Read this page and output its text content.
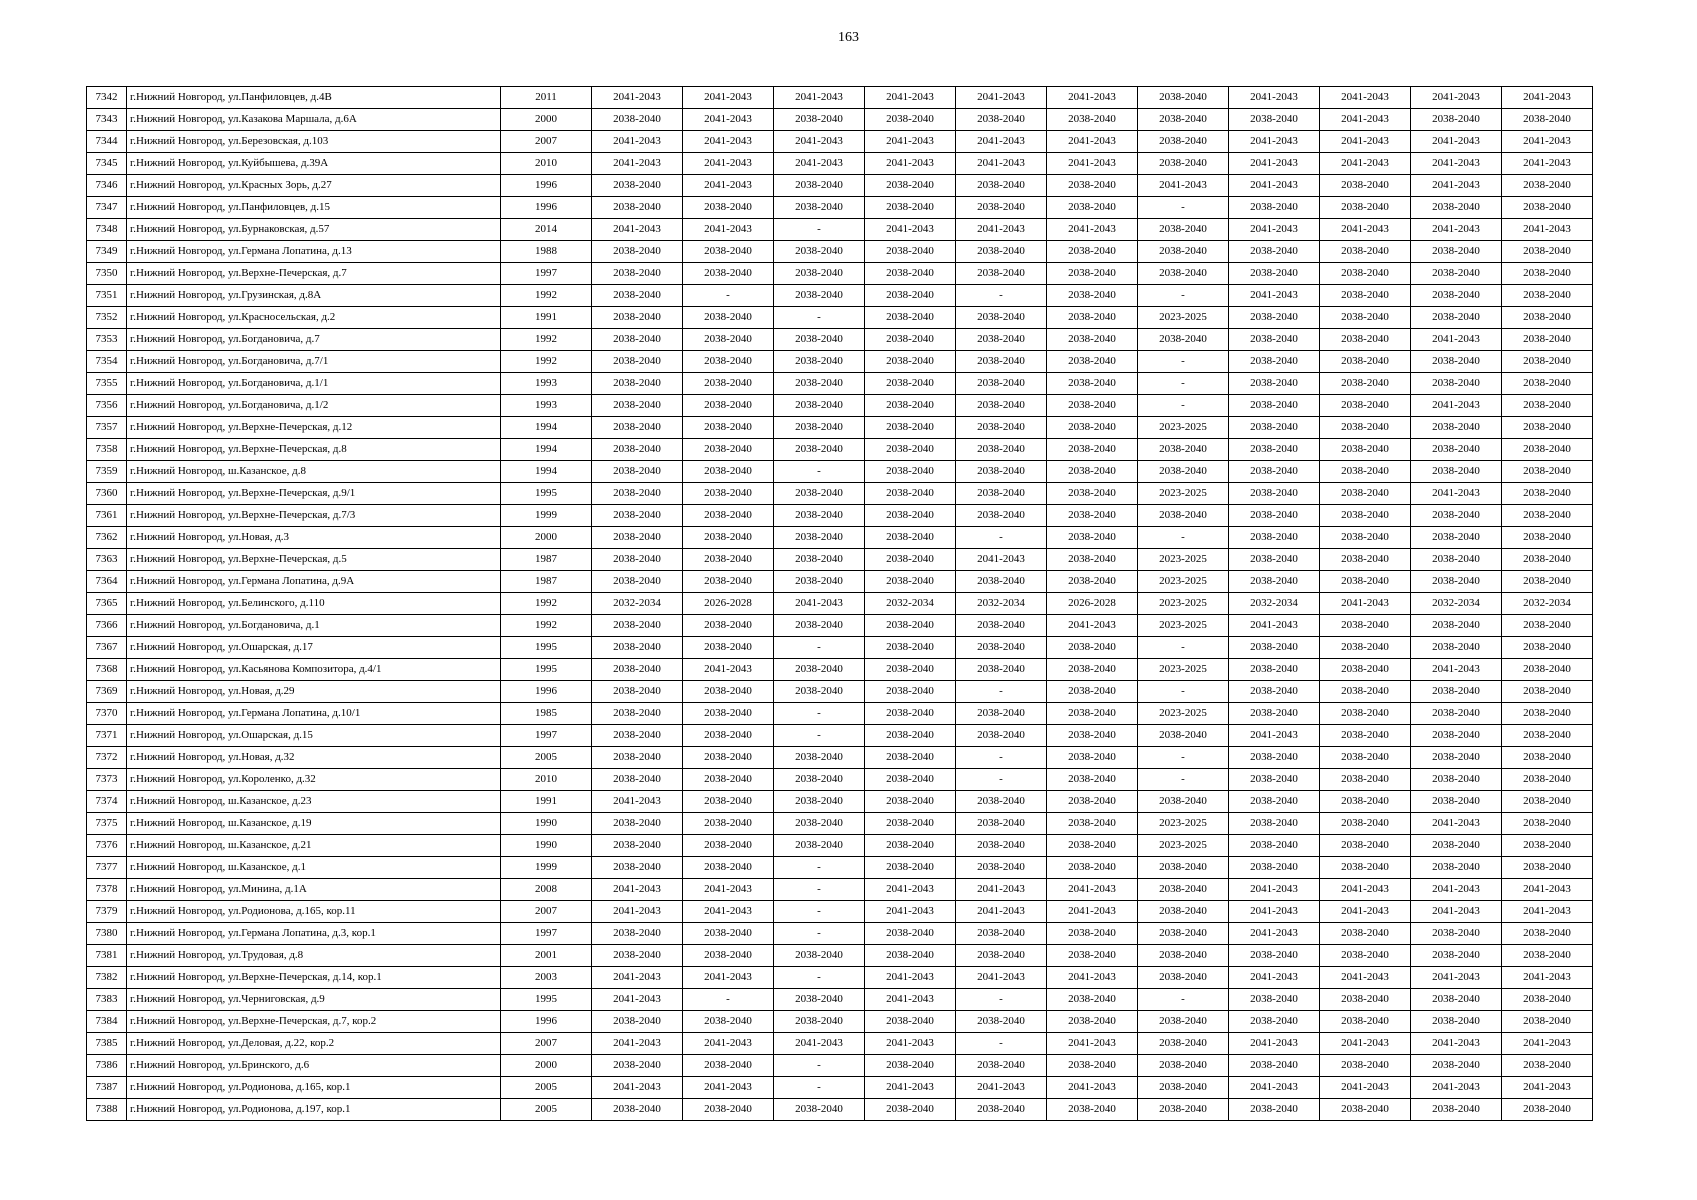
163
7342	г.Нижний Новгород, ул.Панфиловцев, д.4В	2011	2041-2043	2041-2043	2041-2043	2041-2043	2041-2043	2041-2043	2038-2040	2041-2043	2041-2043	2041-2043	2041-2043
7343	г.Нижний Новгород, ул.Казакова Маршала, д.6А	2000	2038-2040	2041-2043	2038-2040	2038-2040	2038-2040	2038-2040	2038-2040	2038-2040	2041-2043	2038-2040	2038-2040
7344	г.Нижний Новгород, ул.Березовская, д.103	2007	2041-2043	2041-2043	2041-2043	2041-2043	2041-2043	2041-2043	2038-2040	2041-2043	2041-2043	2041-2043	2041-2043
7345	г.Нижний Новгород, ул.Куйбышева, д.39А	2010	2041-2043	2041-2043	2041-2043	2041-2043	2041-2043	2041-2043	2038-2040	2041-2043	2041-2043	2041-2043	2041-2043
7346	г.Нижний Новгород, ул.Красных Зорь, д.27	1996	2038-2040	2041-2043	2038-2040	2038-2040	2038-2040	2038-2040	2041-2043	2041-2043	2038-2040	2041-2043	2038-2040
7347	г.Нижний Новгород, ул.Панфиловцев, д.15	1996	2038-2040	2038-2040	2038-2040	2038-2040	2038-2040	2038-2040	-	2038-2040	2038-2040	2038-2040	2038-2040
7348	г.Нижний Новгород, ул.Бурнаковская, д.57	2014	2041-2043	2041-2043	-	2041-2043	2041-2043	2041-2043	2038-2040	2041-2043	2041-2043	2041-2043	2041-2043
7349	г.Нижний Новгород, ул.Германа Лопатина, д.13	1988	2038-2040	2038-2040	2038-2040	2038-2040	2038-2040	2038-2040	2038-2040	2038-2040	2038-2040	2038-2040	2038-2040
7350	г.Нижний Новгород, ул.Верхне-Печерская, д.7	1997	2038-2040	2038-2040	2038-2040	2038-2040	2038-2040	2038-2040	2038-2040	2038-2040	2038-2040	2038-2040	2038-2040
7351	г.Нижний Новгород, ул.Грузинская, д.8А	1992	2038-2040	-	2038-2040	2038-2040	-	2038-2040	-	2041-2043	2038-2040	2038-2040	2038-2040
7352	г.Нижний Новгород, ул.Красносельская, д.2	1991	2038-2040	2038-2040	-	2038-2040	2038-2040	2038-2040	2023-2025	2038-2040	2038-2040	2038-2040	2038-2040
7353	г.Нижний Новгород, ул.Богдановича, д.7	1992	2038-2040	2038-2040	2038-2040	2038-2040	2038-2040	2038-2040	2038-2040	2038-2040	2038-2040	2041-2043	2038-2040
7354	г.Нижний Новгород, ул.Богдановича, д.7/1	1992	2038-2040	2038-2040	2038-2040	2038-2040	2038-2040	2038-2040	-	2038-2040	2038-2040	2038-2040	2038-2040
7355	г.Нижний Новгород, ул.Богдановича, д.1/1	1993	2038-2040	2038-2040	2038-2040	2038-2040	2038-2040	2038-2040	-	2038-2040	2038-2040	2038-2040	2038-2040
7356	г.Нижний Новгород, ул.Богдановича, д.1/2	1993	2038-2040	2038-2040	2038-2040	2038-2040	2038-2040	2038-2040	-	2038-2040	2038-2040	2041-2043	2038-2040
7357	г.Нижний Новгород, ул.Верхне-Печерская, д.12	1994	2038-2040	2038-2040	2038-2040	2038-2040	2038-2040	2038-2040	2023-2025	2038-2040	2038-2040	2038-2040	2038-2040
7358	г.Нижний Новгород, ул.Верхне-Печерская, д.8	1994	2038-2040	2038-2040	2038-2040	2038-2040	2038-2040	2038-2040	2038-2040	2038-2040	2038-2040	2038-2040	2038-2040
7359	г.Нижний Новгород, ш.Казанское, д.8	1994	2038-2040	2038-2040	-	2038-2040	2038-2040	2038-2040	2038-2040	2038-2040	2038-2040	2038-2040	2038-2040
7360	г.Нижний Новгород, ул.Верхне-Печерская, д.9/1	1995	2038-2040	2038-2040	2038-2040	2038-2040	2038-2040	2038-2040	2023-2025	2038-2040	2038-2040	2041-2043	2038-2040
7361	г.Нижний Новгород, ул.Верхне-Печерская, д.7/3	1999	2038-2040	2038-2040	2038-2040	2038-2040	2038-2040	2038-2040	2038-2040	2038-2040	2038-2040	2038-2040	2038-2040
7362	г.Нижний Новгород, ул.Новая, д.3	2000	2038-2040	2038-2040	2038-2040	2038-2040	-	2038-2040	-	2038-2040	2038-2040	2038-2040	2038-2040
7363	г.Нижний Новгород, ул.Верхне-Печерская, д.5	1987	2038-2040	2038-2040	2038-2040	2038-2040	2041-2043	2038-2040	2023-2025	2038-2040	2038-2040	2038-2040	2038-2040
7364	г.Нижний Новгород, ул.Германа Лопатина, д.9А	1987	2038-2040	2038-2040	2038-2040	2038-2040	2038-2040	2038-2040	2023-2025	2038-2040	2038-2040	2038-2040	2038-2040
7365	г.Нижний Новгород, ул.Белинского, д.110	1992	2032-2034	2026-2028	2041-2043	2032-2034	2032-2034	2026-2028	2023-2025	2032-2034	2041-2043	2032-2034	2032-2034
7366	г.Нижний Новгород, ул.Богдановича, д.1	1992	2038-2040	2038-2040	2038-2040	2038-2040	2038-2040	2041-2043	2023-2025	2041-2043	2038-2040	2038-2040	2038-2040
7367	г.Нижний Новгород, ул.Ошарская, д.17	1995	2038-2040	2038-2040	-	2038-2040	2038-2040	2038-2040	-	2038-2040	2038-2040	2038-2040	2038-2040
7368	г.Нижний Новгород, ул.Касьянова Композитора, д.4/1	1995	2038-2040	2041-2043	2038-2040	2038-2040	2038-2040	2038-2040	2023-2025	2038-2040	2038-2040	2041-2043	2038-2040
7369	г.Нижний Новгород, ул.Новая, д.29	1996	2038-2040	2038-2040	2038-2040	2038-2040	-	2038-2040	-	2038-2040	2038-2040	2038-2040	2038-2040
7370	г.Нижний Новгород, ул.Германа Лопатина, д.10/1	1985	2038-2040	2038-2040	-	2038-2040	2038-2040	2038-2040	2023-2025	2038-2040	2038-2040	2038-2040	2038-2040
7371	г.Нижний Новгород, ул.Ошарская, д.15	1997	2038-2040	2038-2040	-	2038-2040	2038-2040	2038-2040	2038-2040	2041-2043	2038-2040	2038-2040	2038-2040
7372	г.Нижний Новгород, ул.Новая, д.32	2005	2038-2040	2038-2040	2038-2040	2038-2040	-	2038-2040	-	2038-2040	2038-2040	2038-2040	2038-2040
7373	г.Нижний Новгород, ул.Короленко, д.32	2010	2038-2040	2038-2040	2038-2040	2038-2040	-	2038-2040	-	2038-2040	2038-2040	2038-2040	2038-2040
7374	г.Нижний Новгород, ш.Казанское, д.23	1991	2041-2043	2038-2040	2038-2040	2038-2040	2038-2040	2038-2040	2038-2040	2038-2040	2038-2040	2038-2040	2038-2040
7375	г.Нижний Новгород, ш.Казанское, д.19	1990	2038-2040	2038-2040	2038-2040	2038-2040	2038-2040	2038-2040	2023-2025	2038-2040	2038-2040	2041-2043	2038-2040
7376	г.Нижний Новгород, ш.Казанское, д.21	1990	2038-2040	2038-2040	2038-2040	2038-2040	2038-2040	2038-2040	2023-2025	2038-2040	2038-2040	2038-2040	2038-2040
7377	г.Нижний Новгород, ш.Казанское, д.1	1999	2038-2040	2038-2040	-	2038-2040	2038-2040	2038-2040	2038-2040	2038-2040	2038-2040	2038-2040	2038-2040
7378	г.Нижний Новгород, ул.Минина, д.1А	2008	2041-2043	2041-2043	-	2041-2043	2041-2043	2041-2043	2038-2040	2041-2043	2041-2043	2041-2043	2041-2043
7379	г.Нижний Новгород, ул.Родионова, д.165, кор.11	2007	2041-2043	2041-2043	-	2041-2043	2041-2043	2041-2043	2038-2040	2041-2043	2041-2043	2041-2043	2041-2043
7380	г.Нижний Новгород, ул.Германа Лопатина, д.3, кор.1	1997	2038-2040	2038-2040	-	2038-2040	2038-2040	2038-2040	2038-2040	2041-2043	2038-2040	2038-2040	2038-2040
7381	г.Нижний Новгород, ул.Трудовая, д.8	2001	2038-2040	2038-2040	2038-2040	2038-2040	2038-2040	2038-2040	2038-2040	2038-2040	2038-2040	2038-2040	2038-2040
7382	г.Нижний Новгород, ул.Верхне-Печерская, д.14, кор.1	2003	2041-2043	2041-2043	-	2041-2043	2041-2043	2041-2043	2038-2040	2041-2043	2041-2043	2041-2043	2041-2043
7383	г.Нижний Новгород, ул.Черниговская, д.9	1995	2041-2043	-	2038-2040	2041-2043	-	2038-2040	-	2038-2040	2038-2040	2038-2040	2038-2040
7384	г.Нижний Новгород, ул.Верхне-Печерская, д.7, кор.2	1996	2038-2040	2038-2040	2038-2040	2038-2040	2038-2040	2038-2040	2038-2040	2038-2040	2038-2040	2038-2040	2038-2040
7385	г.Нижний Новгород, ул.Деловая, д.22, кор.2	2007	2041-2043	2041-2043	2041-2043	2041-2043	-	2041-2043	2038-2040	2041-2043	2041-2043	2041-2043	2041-2043
7386	г.Нижний Новгород, ул.Бринского, д.6	2000	2038-2040	2038-2040	-	2038-2040	2038-2040	2038-2040	2038-2040	2038-2040	2038-2040	2038-2040	2038-2040
7387	г.Нижний Новгород, ул.Родионова, д.165, кор.1	2005	2041-2043	2041-2043	-	2041-2043	2041-2043	2041-2043	2038-2040	2041-2043	2041-2043	2041-2043	2041-2043
7388	г.Нижний Новгород, ул.Родионова, д.197, кор.1	2005	2038-2040	2038-2040	2038-2040	2038-2040	2038-2040	2038-2040	2038-2040	2038-2040	2038-2040	2038-2040	2038-2040
